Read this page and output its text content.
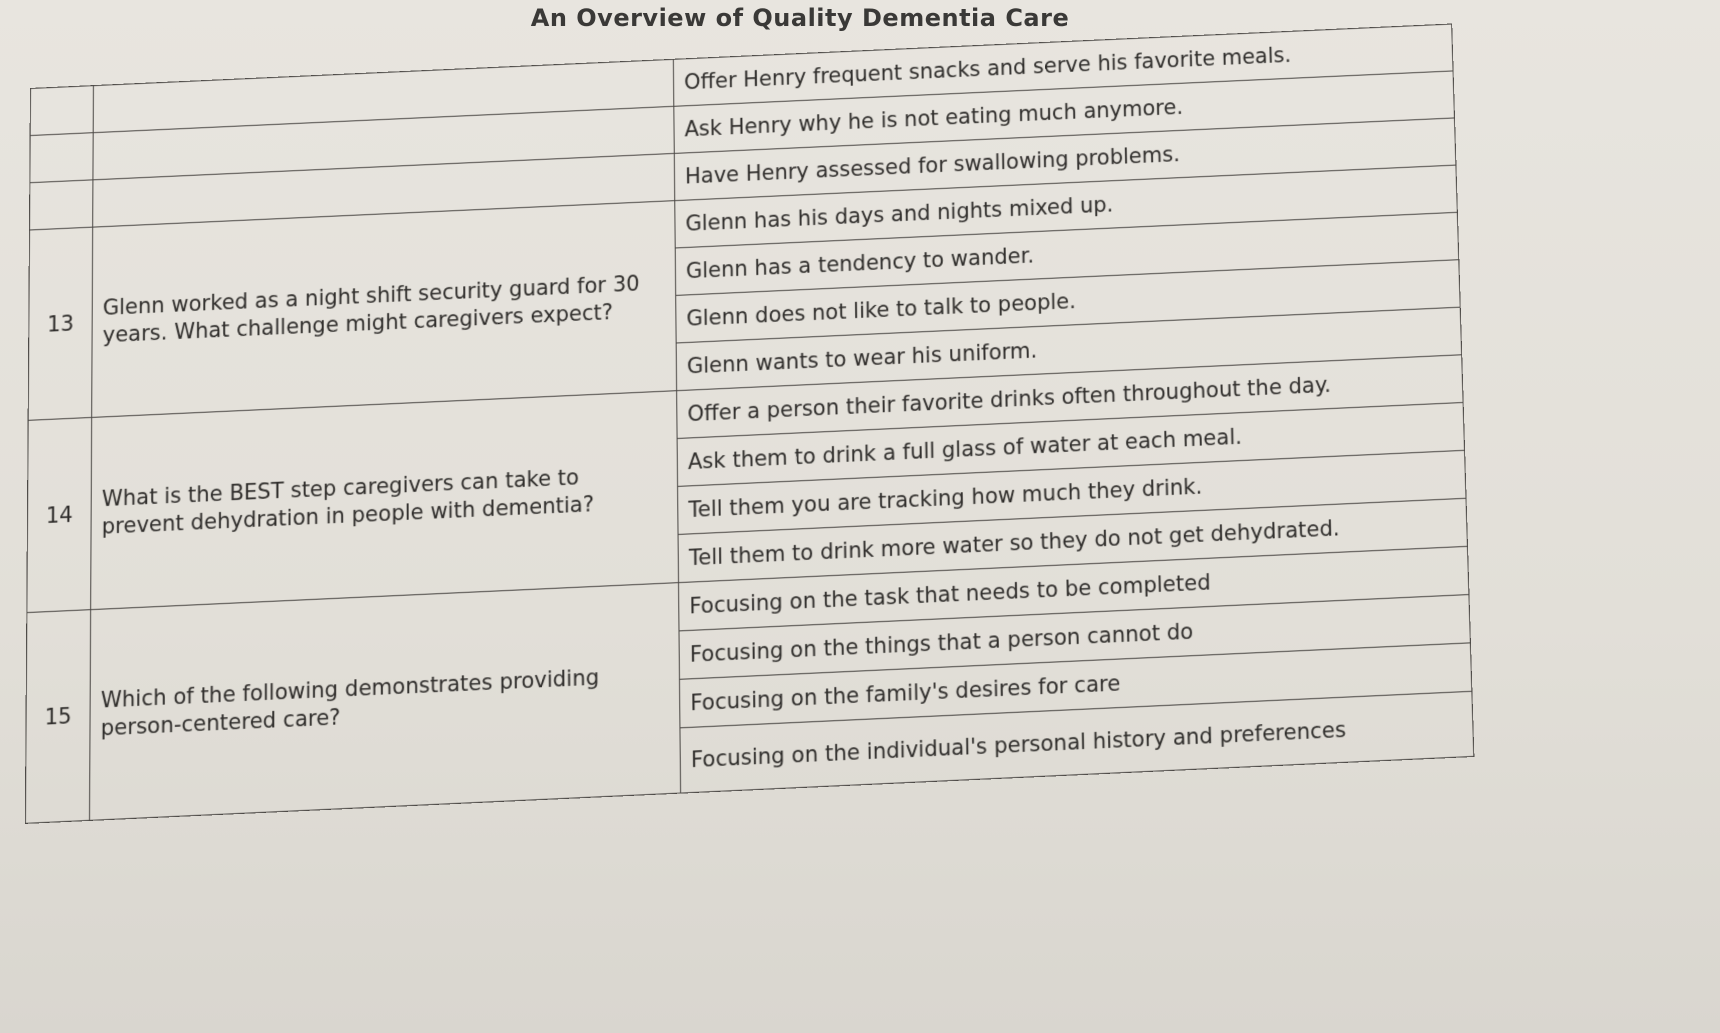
An Overview of Quality Dementia Care
		Offer Henry frequent snacks and serve his favorite meals.
		Ask Henry why he is not eating much anymore.
		Have Henry assessed for swallowing problems.
13	Glenn worked as a night shift security guard for 30 years. What challenge might caregivers expect?	Glenn has his days and nights mixed up.
		Glenn has a tendency to wander.
		Glenn does not like to talk to people.
		Glenn wants to wear his uniform.
14	What is the BEST step caregivers can take to prevent dehydration in people with dementia?	Offer a person their favorite drinks often throughout the day.
		Ask them to drink a full glass of water at each meal.
		Tell them you are tracking how much they drink.
		Tell them to drink more water so they do not get dehydrated.
15	Which of the following demonstrates providing person-centered care?	Focusing on the task that needs to be completed
		Focusing on the things that a person cannot do
		Focusing on the family's desires for care
		Focusing on the individual's personal history and preferences
